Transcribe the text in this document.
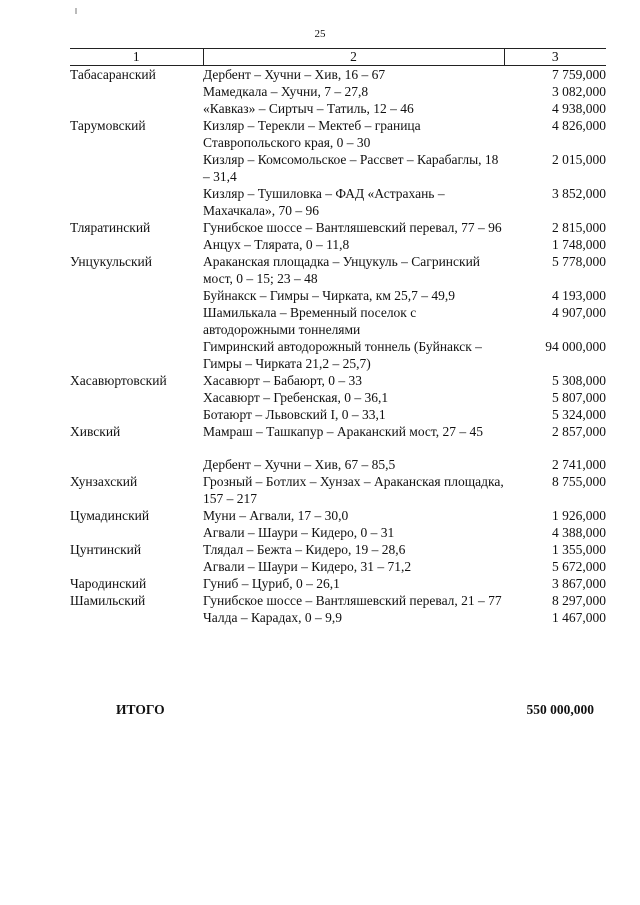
25
1	2	3
Табасаранский	Дербент – Хучни – Хив, 16 – 67	7 759,000
	Мамедкала – Хучни, 7 – 27,8	3 082,000
	«Кавказ» – Сиртыч – Татиль, 12 – 46	4 938,000
Тарумовский	Кизляр – Терекли – Мектеб – граница Ставропольского края, 0 – 30	4 826,000
	Кизляр – Комсомольское – Рассвет – Карабаглы, 18 – 31,4	2 015,000
	Кизляр – Тушиловка – ФАД «Астрахань – Махачкала», 70 – 96	3 852,000
Тляратинский	Гунибское шоссе – Вантляшевский перевал, 77 – 96	2 815,000
	Анцух – Тлярата, 0 – 11,8	1 748,000
Унцукульский	Араканская площадка – Унцукуль – Сагринский мост, 0 – 15; 23 – 48	5 778,000
	Буйнакск – Гимры – Чирката, км 25,7 – 49,9	4 193,000
	Шамилькала – Временный поселок с автодорожными тоннелями	4 907,000
	Гимринский автодорожный тоннель (Буйнакск – Гимры – Чирката 21,2 – 25,7)	94 000,000
Хасавюртовский	Хасавюрт – Бабаюрт, 0 – 33	5 308,000
	Хасавюрт – Гребенская, 0 – 36,1	5 807,000
	Ботаюрт – Львовский I, 0 – 33,1	5 324,000
Хивский	Мамраш – Ташкапур – Араканский мост, 27 – 45	2 857,000

	Дербент – Хучни – Хив, 67 – 85,5	2 741,000
Хунзахский	Грозный – Ботлих – Хунзах – Араканская площадка, 157 – 217	8 755,000
Цумадинский	Муни – Агвали, 17 – 30,0	1 926,000
	Агвали – Шаури – Кидеро, 0 – 31	4 388,000
Цунтинский	Тлядал – Бежта – Кидеро, 19 – 28,6	1 355,000
	Агвали – Шаури – Кидеро, 31 – 71,2	5 672,000
Чародинский	Гуниб – Цуриб, 0 – 26,1	3 867,000
Шамильский	Гунибское шоссе – Вантляшевский перевал, 21 – 77	8 297,000
	Чалда – Карадах, 0 – 9,9	1 467,000
ИТОГО	550 000,000
